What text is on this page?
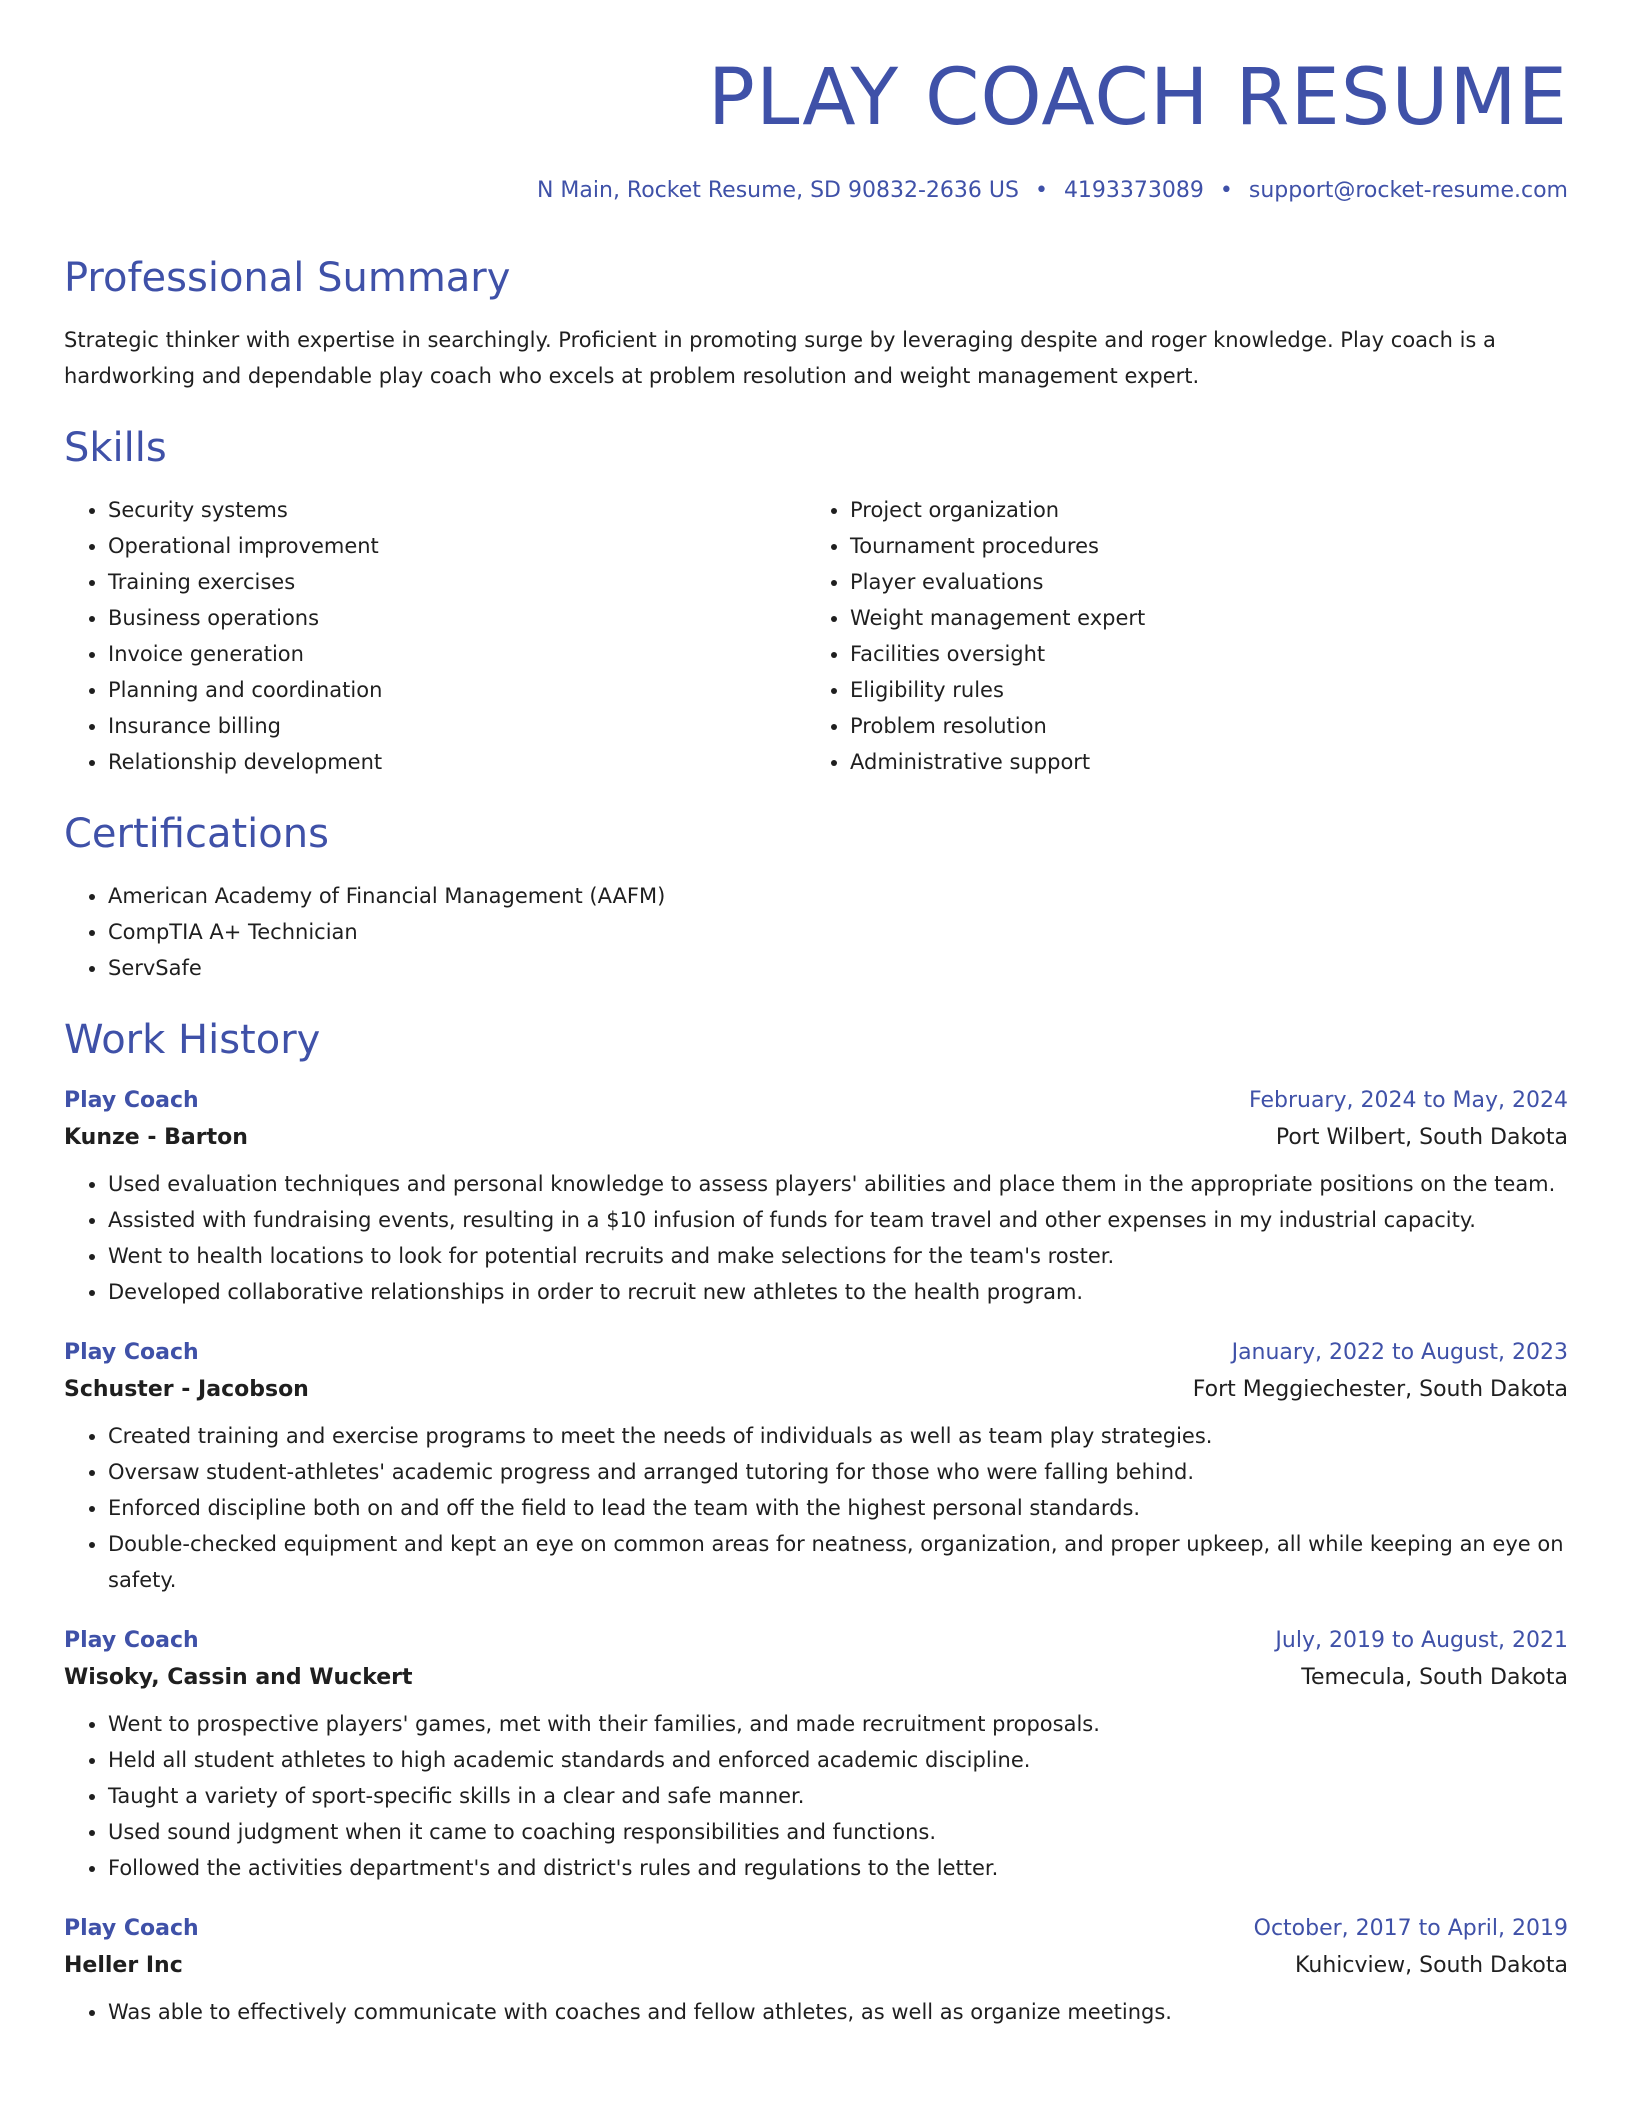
PLAY COACH RESUME
N Main, Rocket Resume, SD 90832-2636 US • 4193373089 • support@rocket-resume.com
Professional Summary
Strategic thinker with expertise in searchingly. Proficient in promoting surge by leveraging despite and roger knowledge. Play coach is a hardworking and dependable play coach who excels at problem resolution and weight management expert.
Skills
• Security systems
• Operational improvement
• Training exercises
• Business operations
• Invoice generation
• Planning and coordination
• Insurance billing
• Relationship development
• Project organization
• Tournament procedures
• Player evaluations
• Weight management expert
• Facilities oversight
• Eligibility rules
• Problem resolution
• Administrative support
Certifications
• American Academy of Financial Management (AAFM)
• CompTIA A+ Technician
• ServSafe
Work History
Play Coach	February, 2024 to May, 2024
Kunze - Barton	Port Wilbert, South Dakota
• Used evaluation techniques and personal knowledge to assess players' abilities and place them in the appropriate positions on the team.
• Assisted with fundraising events, resulting in a $10 infusion of funds for team travel and other expenses in my industrial capacity.
• Went to health locations to look for potential recruits and make selections for the team's roster.
• Developed collaborative relationships in order to recruit new athletes to the health program.
Play Coach	January, 2022 to August, 2023
Schuster - Jacobson	Fort Meggiechester, South Dakota
• Created training and exercise programs to meet the needs of individuals as well as team play strategies.
• Oversaw student-athletes' academic progress and arranged tutoring for those who were falling behind.
• Enforced discipline both on and off the field to lead the team with the highest personal standards.
• Double-checked equipment and kept an eye on common areas for neatness, organization, and proper upkeep, all while keeping an eye on safety.
Play Coach	July, 2019 to August, 2021
Wisoky, Cassin and Wuckert	Temecula, South Dakota
• Went to prospective players' games, met with their families, and made recruitment proposals.
• Held all student athletes to high academic standards and enforced academic discipline.
• Taught a variety of sport-specific skills in a clear and safe manner.
• Used sound judgment when it came to coaching responsibilities and functions.
• Followed the activities department's and district's rules and regulations to the letter.
Play Coach	October, 2017 to April, 2019
Heller Inc	Kuhicview, South Dakota
• Was able to effectively communicate with coaches and fellow athletes, as well as organize meetings.
